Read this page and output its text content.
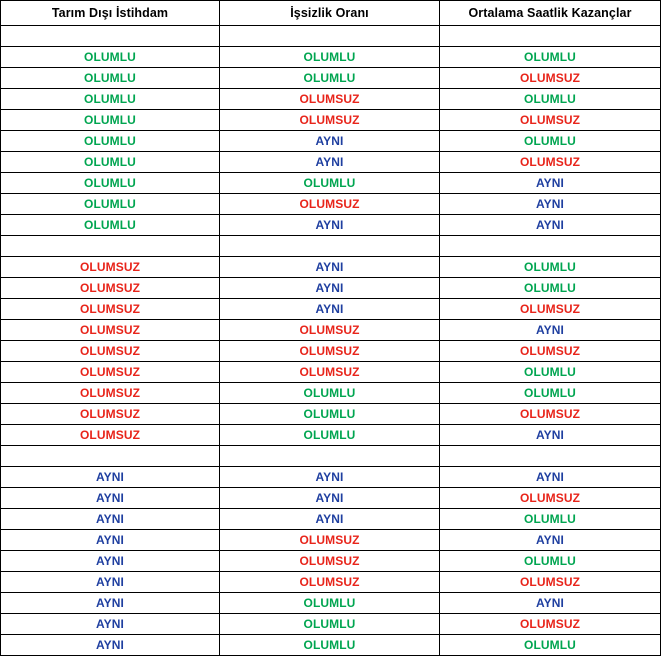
Tarım Dışı İstihdam	İşsizlik Oranı	Ortalama Saatlik Kazançlar

OLUMLU	OLUMLU	OLUMLU
OLUMLU	OLUMLU	OLUMSUZ
OLUMLU	OLUMSUZ	OLUMLU
OLUMLU	OLUMSUZ	OLUMSUZ
OLUMLU	AYNI	OLUMLU
OLUMLU	AYNI	OLUMSUZ
OLUMLU	OLUMLU	AYNI
OLUMLU	OLUMSUZ	AYNI
OLUMLU	AYNI	AYNI

OLUMSUZ	AYNI	OLUMLU
OLUMSUZ	AYNI	OLUMLU
OLUMSUZ	AYNI	OLUMSUZ
OLUMSUZ	OLUMSUZ	AYNI
OLUMSUZ	OLUMSUZ	OLUMSUZ
OLUMSUZ	OLUMSUZ	OLUMLU
OLUMSUZ	OLUMLU	OLUMLU
OLUMSUZ	OLUMLU	OLUMSUZ
OLUMSUZ	OLUMLU	AYNI

AYNI	AYNI	AYNI
AYNI	AYNI	OLUMSUZ
AYNI	AYNI	OLUMLU
AYNI	OLUMSUZ	AYNI
AYNI	OLUMSUZ	OLUMLU
AYNI	OLUMSUZ	OLUMSUZ
AYNI	OLUMLU	AYNI
AYNI	OLUMLU	OLUMSUZ
AYNI	OLUMLU	OLUMLU
